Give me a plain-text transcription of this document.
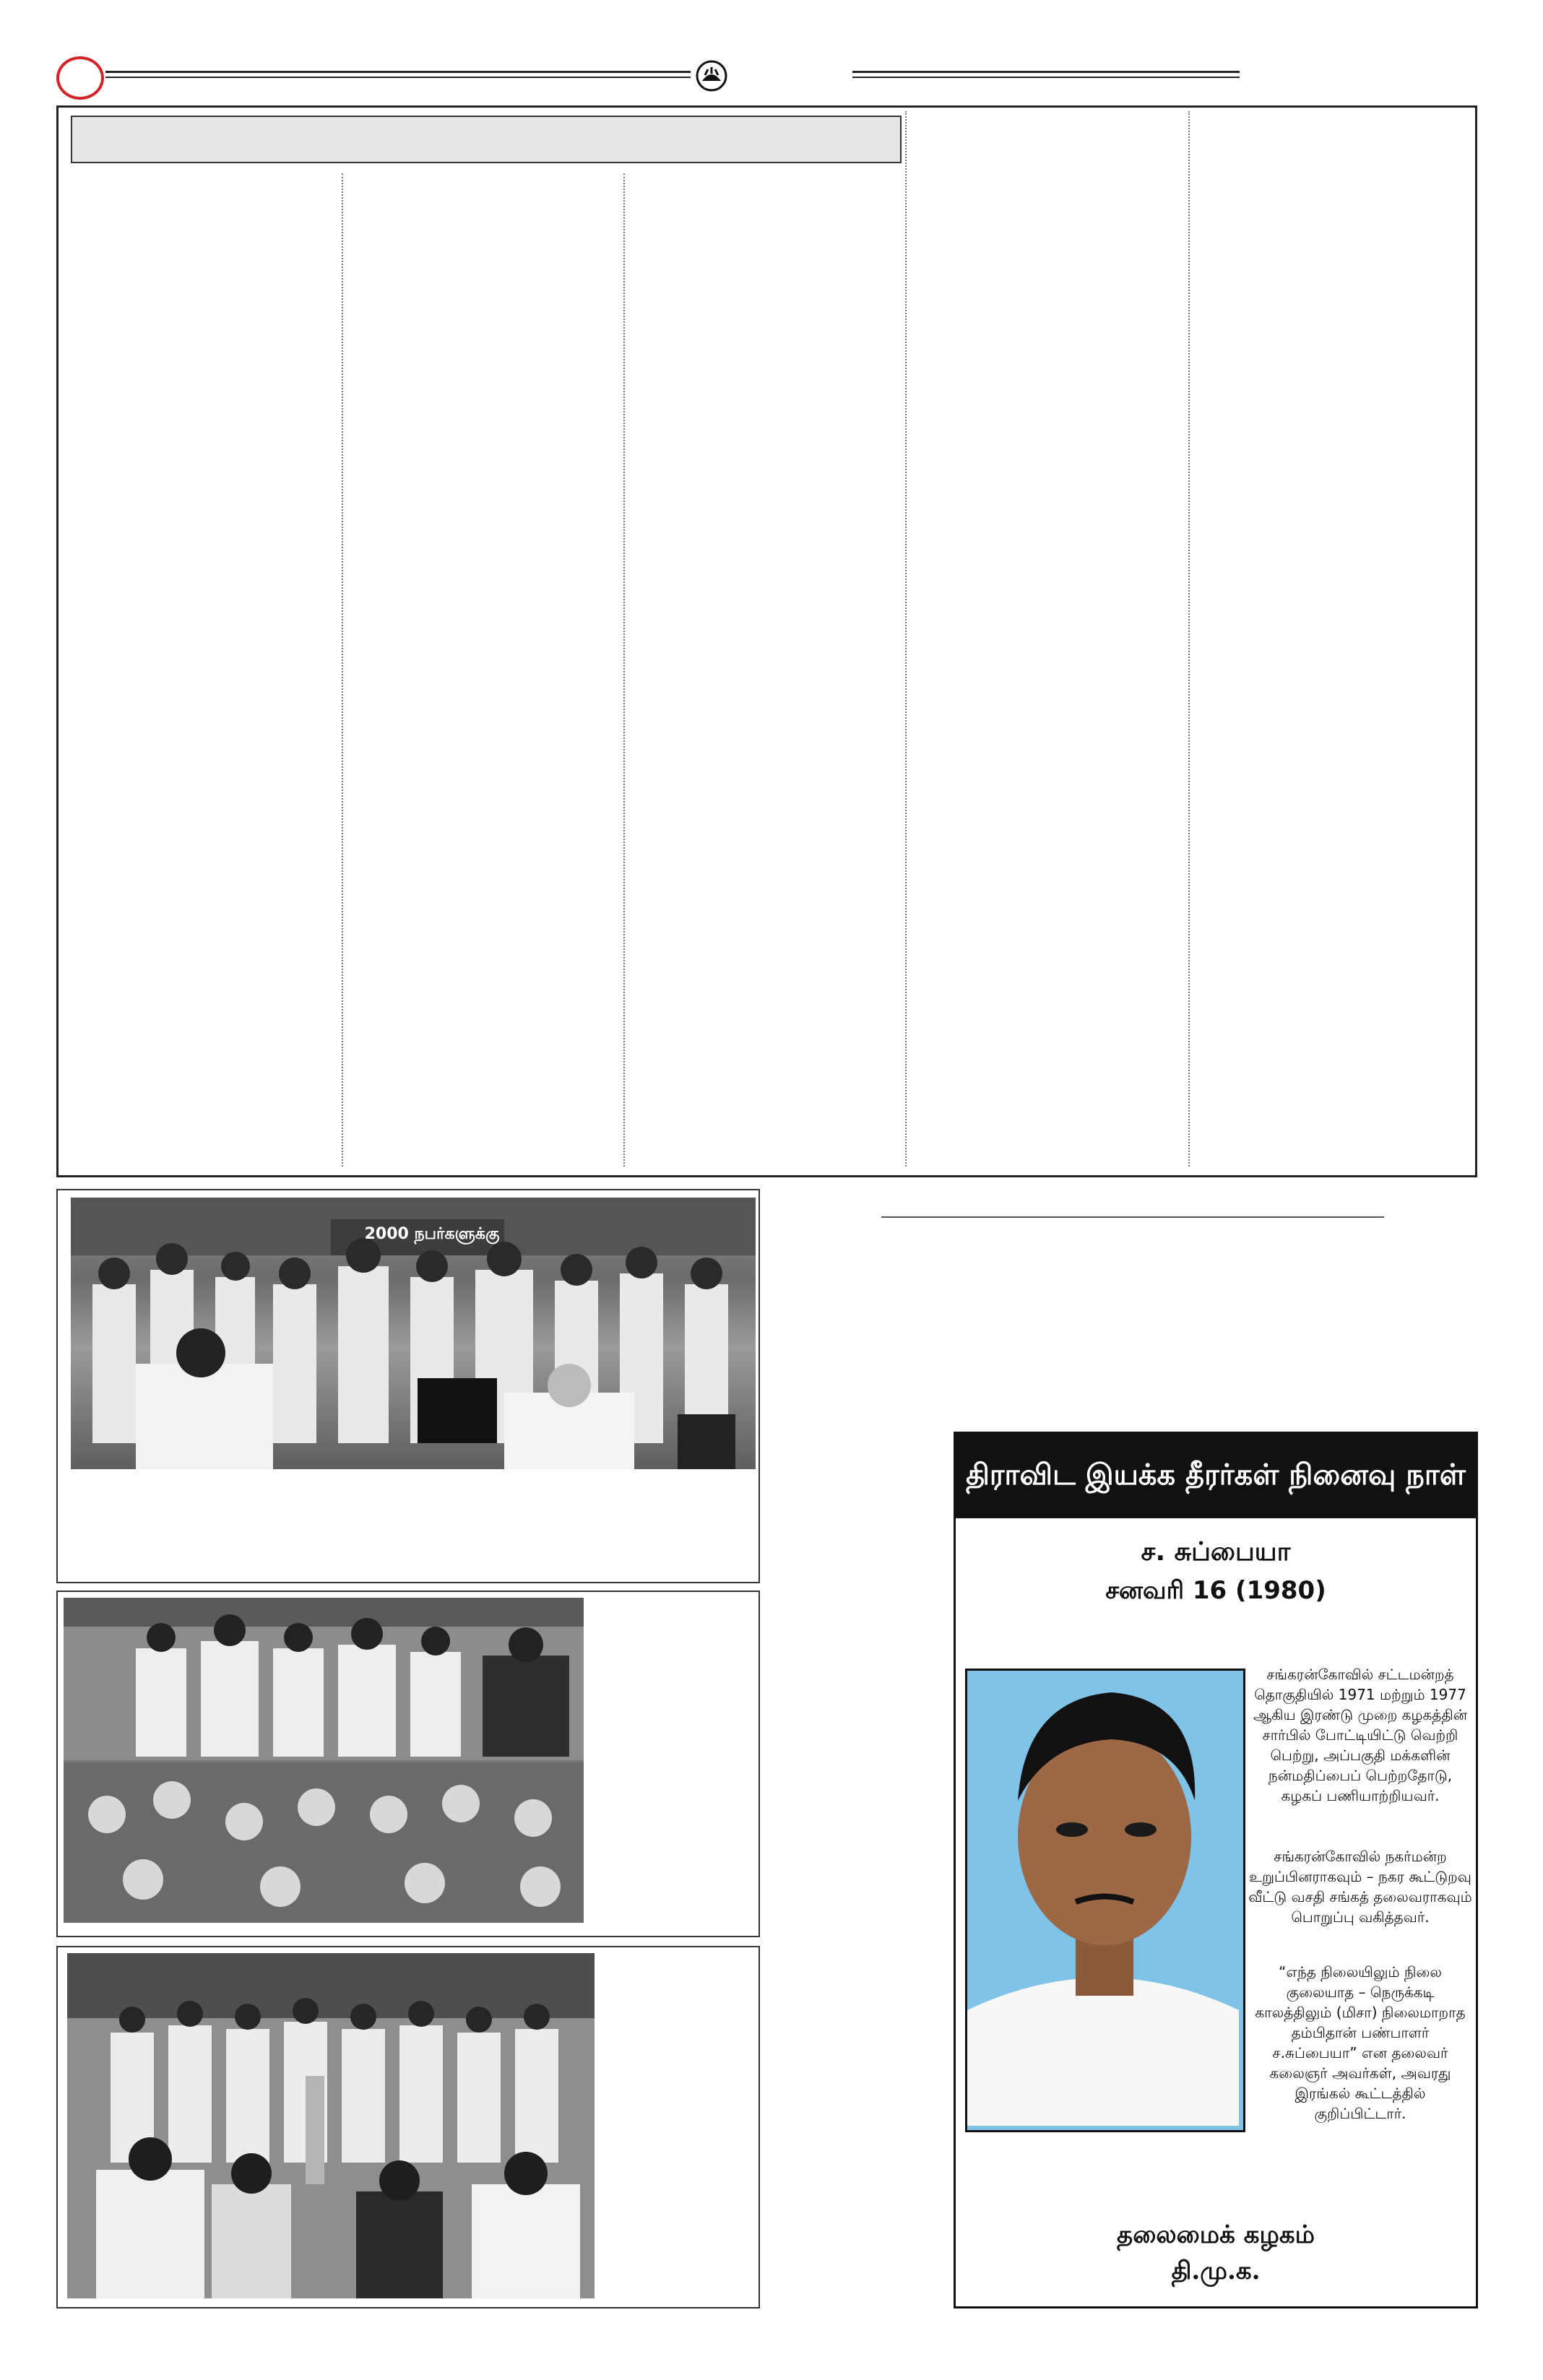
2000 நபர்களுக்கு
திராவிட இயக்க தீரர்கள் நினைவு நாள்
ச. சுப்பையா
சனவரி 16 (1980)
சங்கரன்கோவில் சட்டமன்றத் தொகுதியில் 1971 மற்றும் 1977 ஆகிய இரண்டு முறை கழகத்தின் சார்பில் போட்டியிட்டு வெற்றி பெற்று, அப்பகுதி மக்களின் நன்மதிப்பைப் பெற்றதோடு, கழகப் பணியாற்றியவர்.
சங்கரன்கோவில் நகர்மன்ற உறுப்பினராகவும் – நகர கூட்டுறவு வீட்டு வசதி சங்கத் தலைவராகவும் பொறுப்பு வகித்தவர்.
“எந்த நிலையிலும் நிலை குலையாத – நெருக்கடி காலத்திலும் (மிசா) நிலைமாறாத தம்பிதான் பண்பாளர் ச.சுப்பையா” என தலைவர் கலைஞர் அவர்கள், அவரது இரங்கல் கூட்டத்தில் குறிப்பிட்டார்.
தலைமைக் கழகம்
தி.மு.க.
